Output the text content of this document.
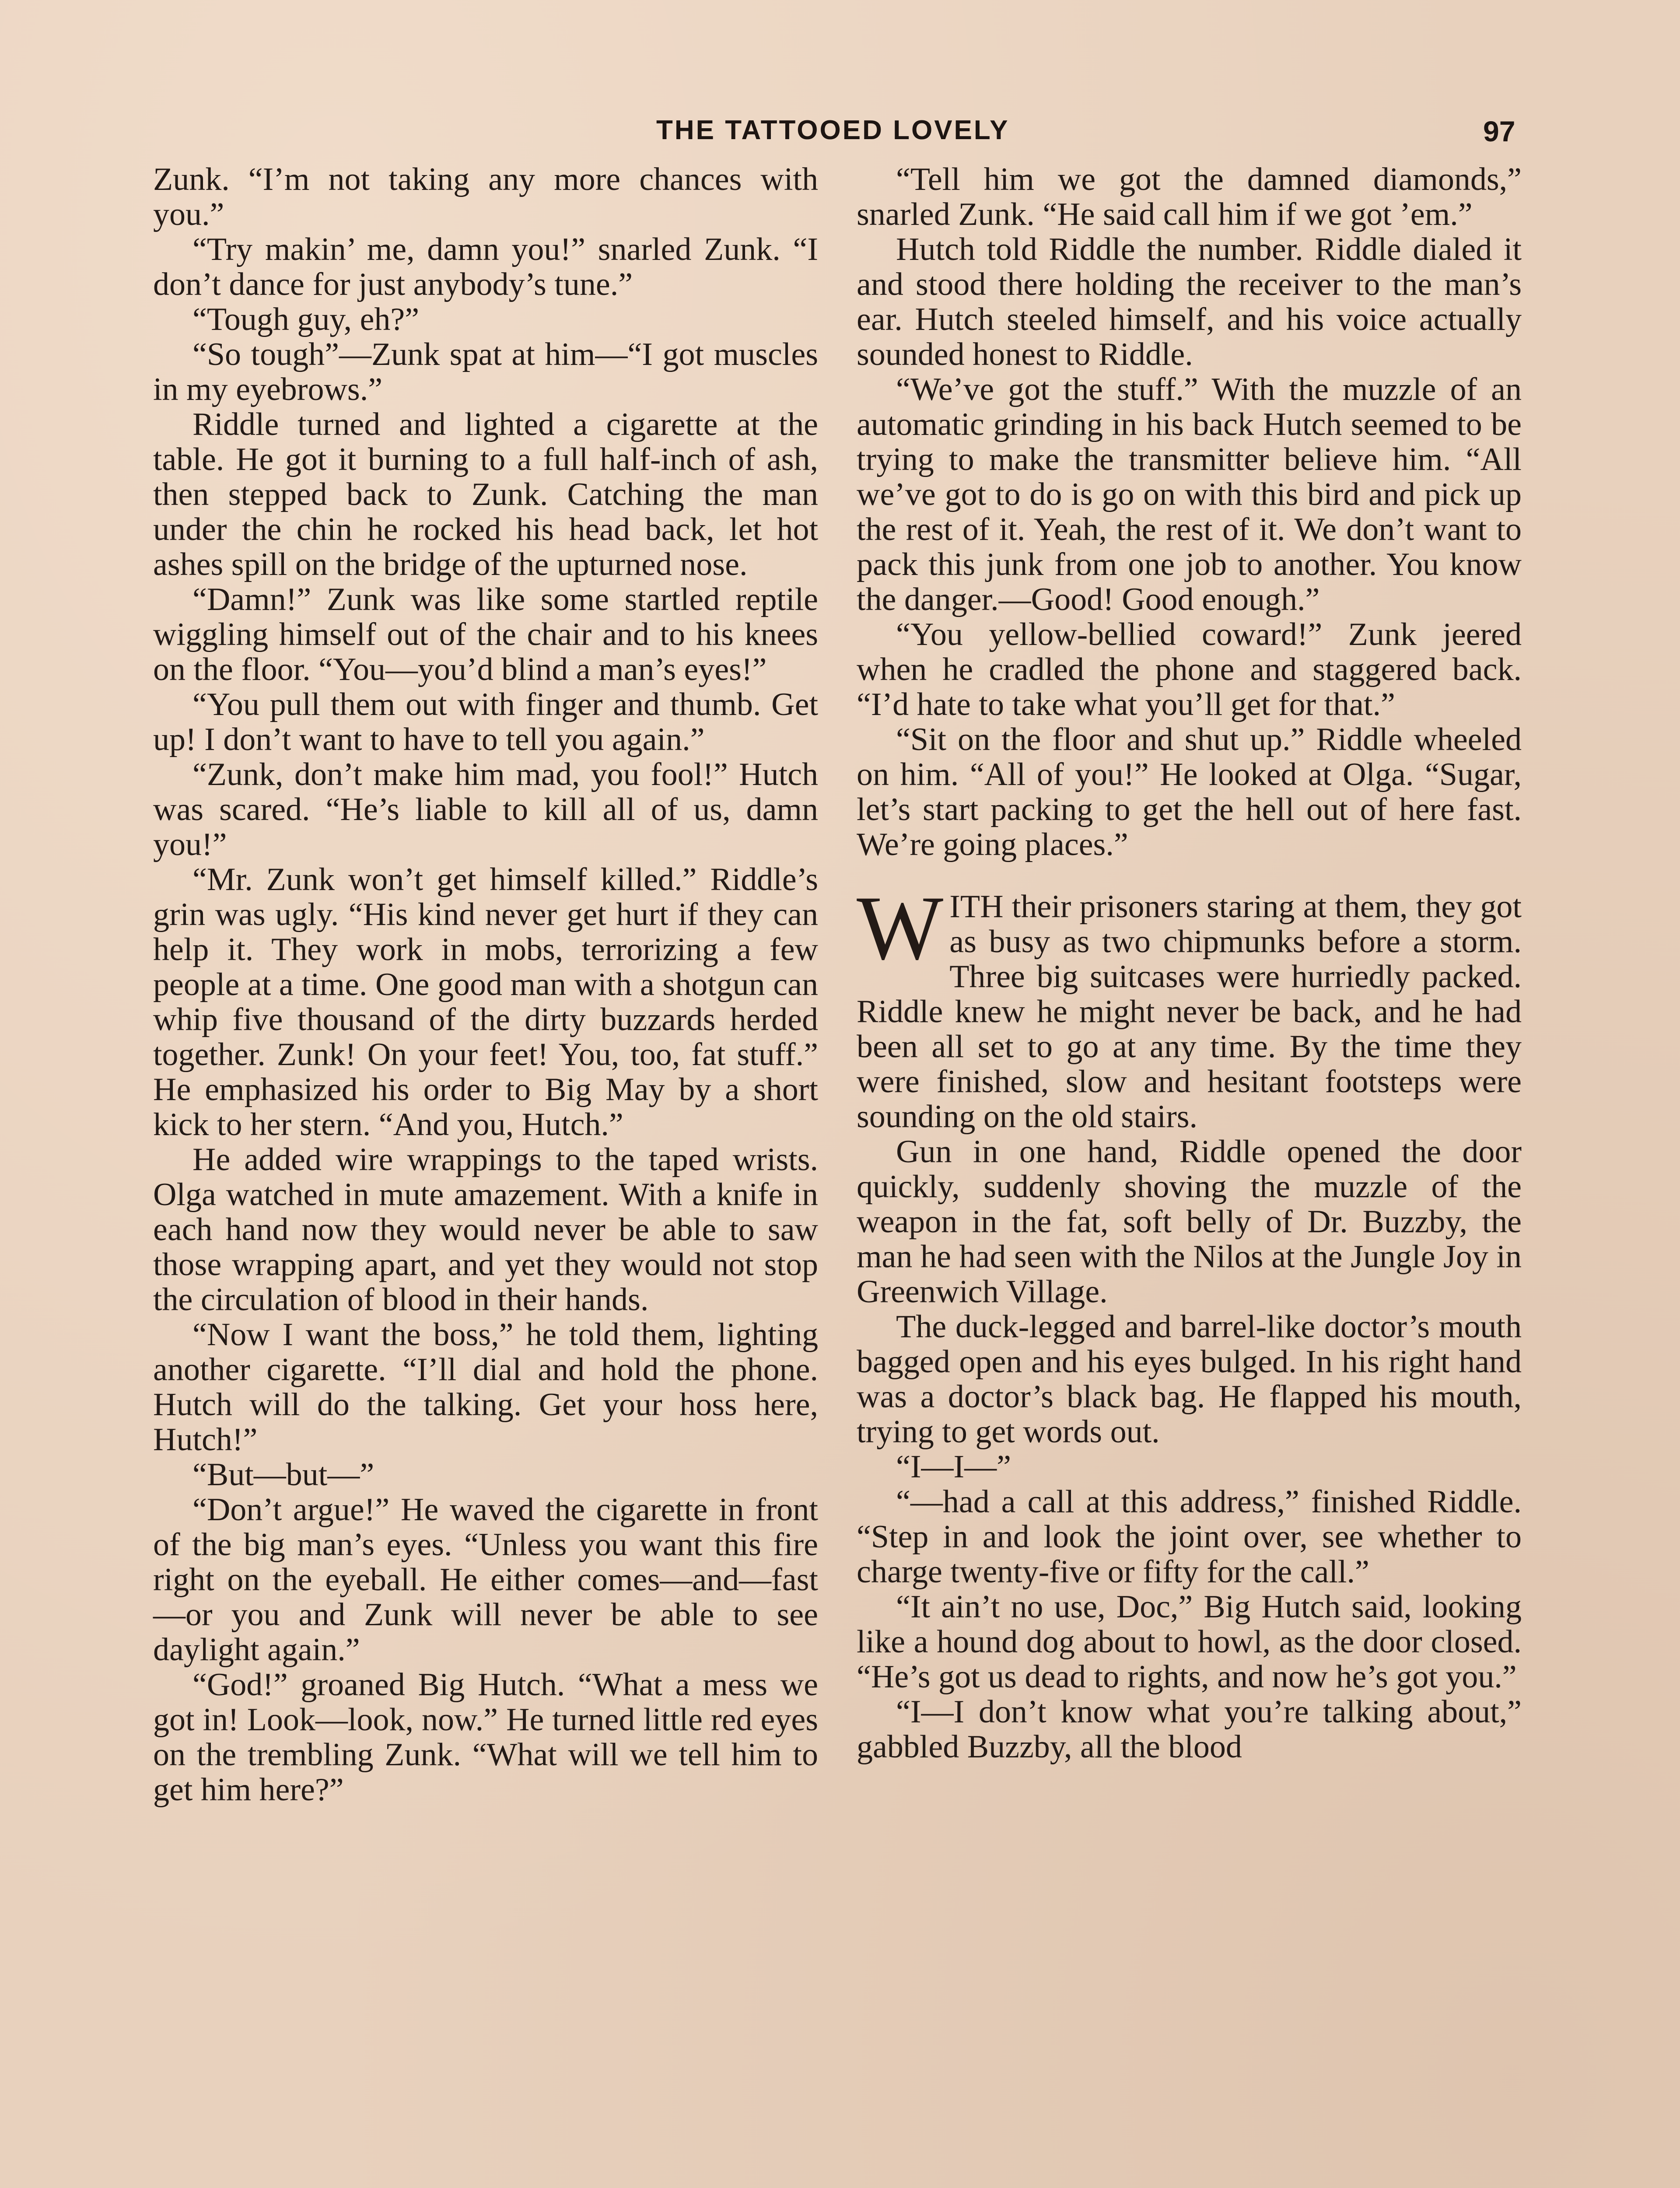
THE TATTOOED LOVELY	97

Zunk. “I’m not taking any more chances with you.”

“Try makin’ me, damn you!” snarled Zunk. “I don’t dance for just anybody’s tune.”

“Tough guy, eh?”

“So tough”—Zunk spat at him—“I got muscles in my eyebrows.”

Riddle turned and lighted a cigarette at the table. He got it burning to a full half-inch of ash, then stepped back to Zunk. Catching the man under the chin he rocked his head back, let hot ashes spill on the bridge of the upturned nose.

“Damn!” Zunk was like some startled reptile wiggling himself out of the chair and to his knees on the floor. “You—you’d blind a man’s eyes!”

“You pull them out with finger and thumb. Get up! I don’t want to have to tell you again.”

“Zunk, don’t make him mad, you fool!” Hutch was scared. “He’s liable to kill all of us, damn you!”

“Mr. Zunk won’t get himself killed.” Riddle’s grin was ugly. “His kind never get hurt if they can help it. They work in mobs, terrorizing a few people at a time. One good man with a shotgun can whip five thousand of the dirty buzzards herded together. Zunk! On your feet! You, too, fat stuff.” He emphasized his order to Big May by a short kick to her stern. “And you, Hutch.”

He added wire wrappings to the taped wrists. Olga watched in mute amazement. With a knife in each hand now they would never be able to saw those wrapping apart, and yet they would not stop the circulation of blood in their hands.

“Now I want the boss,” he told them, lighting another cigarette. “I’ll dial and hold the phone. Hutch will do the talking. Get your hoss here, Hutch!”

“But—but—”

“Don’t argue!” He waved the cigarette in front of the big man’s eyes. “Unless you want this fire right on the eyeball. He either comes—and—fast—or you and Zunk will never be able to see daylight again.”

“God!” groaned Big Hutch. “What a mess we got in! Look—look, now.” He turned little red eyes on the trembling Zunk. “What will we tell him to get him here?”

“Tell him we got the damned diamonds,” snarled Zunk. “He said call him if we got ’em.”

Hutch told Riddle the number. Riddle dialed it and stood there holding the receiver to the man’s ear. Hutch steeled himself, and his voice actually sounded honest to Riddle.

“We’ve got the stuff.” With the muzzle of an automatic grinding in his back Hutch seemed to be trying to make the transmitter believe him. “All we’ve got to do is go on with this bird and pick up the rest of it. Yeah, the rest of it. We don’t want to pack this junk from one job to another. You know the danger.—Good! Good enough.”

“You yellow-bellied coward!” Zunk jeered when he cradled the phone and staggered back. “I’d hate to take what you’ll get for that.”

“Sit on the floor and shut up.” Riddle wheeled on him. “All of you!” He looked at Olga. “Sugar, let’s start packing to get the hell out of here fast. We’re going places.”

WITH their prisoners staring at them, they got as busy as two chipmunks before a storm. Three big suitcases were hurriedly packed. Riddle knew he might never be back, and he had been all set to go at any time. By the time they were finished, slow and hesitant footsteps were sounding on the old stairs.

Gun in one hand, Riddle opened the door quickly, suddenly shoving the muzzle of the weapon in the fat, soft belly of Dr. Buzzby, the man he had seen with the Nilos at the Jungle Joy in Greenwich Village.

The duck-legged and barrel-like doctor’s mouth bagged open and his eyes bulged. In his right hand was a doctor’s black bag. He flapped his mouth, trying to get words out.

“I—I—”

“—had a call at this address,” finished Riddle. “Step in and look the joint over, see whether to charge twenty-five or fifty for the call.”

“It ain’t no use, Doc,” Big Hutch said, looking like a hound dog about to howl, as the door closed. “He’s got us dead to rights, and now he’s got you.”

“I—I don’t know what you’re talking about,” gabbled Buzzby, all the blood
